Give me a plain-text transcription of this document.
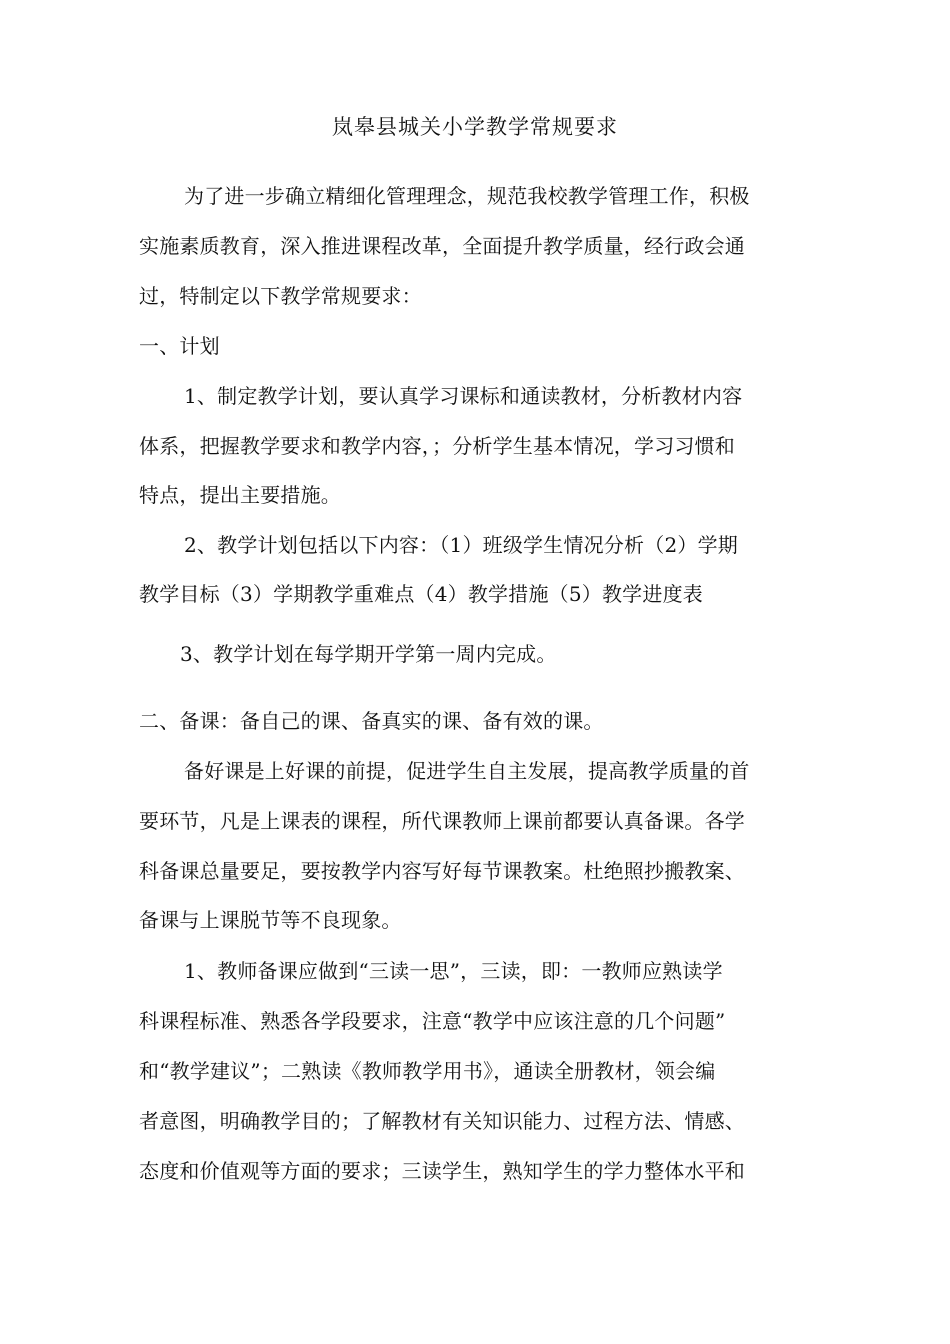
岚皋县城关小学教学常规要求
为了进一步确立精细化管理理念，规范我校教学管理工作，积极
实施素质教育，深入推进课程改革，全面提升教学质量，经行政会通
过，特制定以下教学常规要求：
一、计划
1、制定教学计划，要认真学习课标和通读教材，分析教材内容
体系，把握教学要求和教学内容，；分析学生基本情况，学习习惯和
特点，提出主要措施。
2、教学计划包括以下内容：（1）班级学生情况分析（2）学期
教学目标（3）学期教学重难点（4）教学措施（5）教学进度表
3、教学计划在每学期开学第一周内完成。
二、备课：备自己的课、备真实的课、备有效的课。
备好课是上好课的前提，促进学生自主发展，提高教学质量的首
要环节，凡是上课表的课程，所代课教师上课前都要认真备课。各学
科备课总量要足，要按教学内容写好每节课教案。杜绝照抄搬教案、
备课与上课脱节等不良现象。
1、教师备课应做到“三读一思”，三读，即：一教师应熟读学
科课程标准、熟悉各学段要求，注意“教学中应该注意的几个问题”
和“教学建议”；二熟读《教师教学用书》，通读全册教材，领会编
者意图，明确教学目的；了解教材有关知识能力、过程方法、情感、
态度和价值观等方面的要求；三读学生，熟知学生的学力整体水平和
